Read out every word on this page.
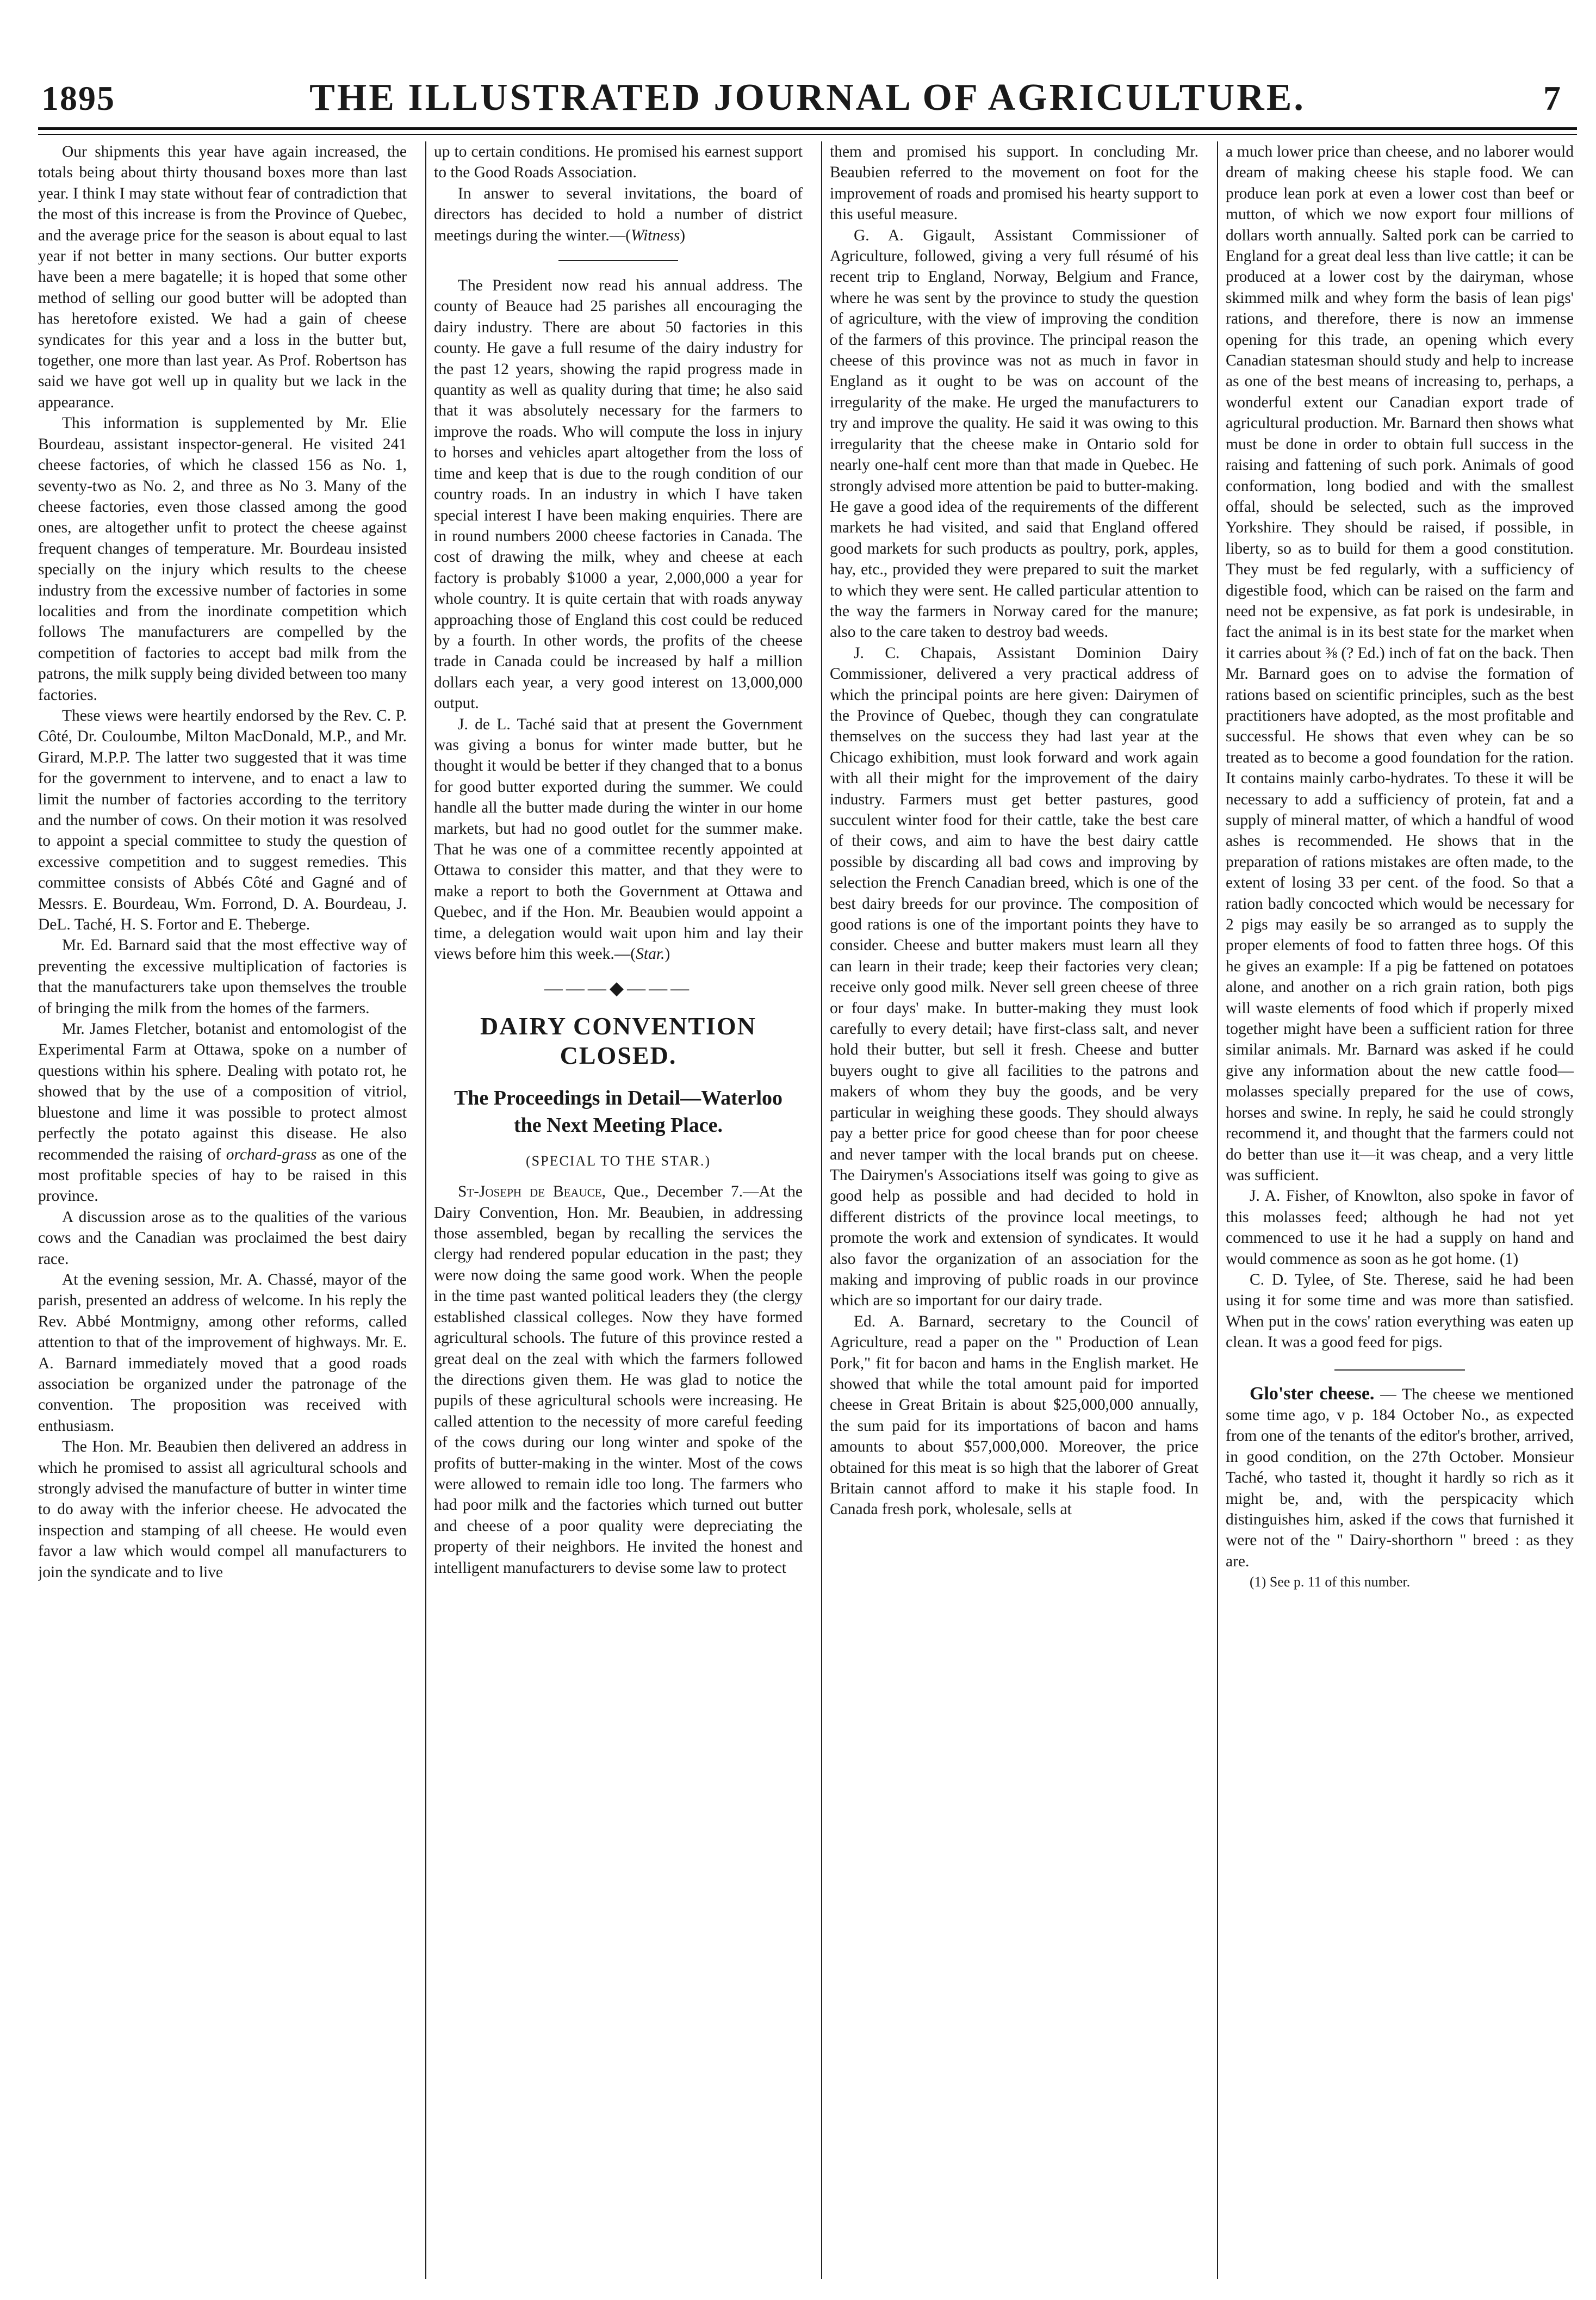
1895	THE ILLUSTRATED JOURNAL OF AGRICULTURE.	7

Our shipments this year have again increased, the totals being about thirty thousand boxes more than last year. I think I may state without fear of contradiction that the most of this increase is from the Province of Quebec, and the average price for the season is about equal to last year if not better in many sections. Our butter exports have been a mere bagatelle; it is hoped that some other method of selling our good butter will be adopted than has heretofore existed. We had a gain of cheese syndicates for this year and a loss in the butter but, together, one more than last year. As Prof. Robertson has said we have got well up in quality but we lack in the appearance.

This information is supplemented by Mr. Elie Bourdeau, assistant inspector-general. He visited 241 cheese factories, of which he classed 156 as No. 1, seventy-two as No. 2, and three as No 3. Many of the cheese factories, even those classed among the good ones, are altogether unfit to protect the cheese against frequent changes of temperature. Mr. Bourdeau insisted specially on the injury which results to the cheese industry from the excessive number of factories in some localities and from the inordinate competition which follows The manufacturers are compelled by the competition of factories to accept bad milk from the patrons, the milk supply being divided between too many factories.

These views were heartily endorsed by the Rev. C. P. Côté, Dr. Couloumbe, Milton MacDonald, M.P., and Mr. Girard, M.P.P. The latter two suggested that it was time for the government to intervene, and to enact a law to limit the number of factories according to the territory and the number of cows. On their motion it was resolved to appoint a special committee to study the question of excessive competition and to suggest remedies. This committee consists of Abbés Côté and Gagné and of Messrs. E. Bourdeau, Wm. Forrond, D. A. Bourdeau, J. DeL. Taché, H. S. Fortor and E. Theberge.

Mr. Ed. Barnard said that the most effective way of preventing the excessive multiplication of factories is that the manufacturers take upon themselves the trouble of bringing the milk from the homes of the farmers.

Mr. James Fletcher, botanist and entomologist of the Experimental Farm at Ottawa, spoke on a number of questions within his sphere. Dealing with potato rot, he showed that by the use of a composition of vitriol, bluestone and lime it was possible to protect almost perfectly the potato against this disease. He also recommended the raising of orchard-grass as one of the most profitable species of hay to be raised in this province.

A discussion arose as to the qualities of the various cows and the Canadian was proclaimed the best dairy race.

At the evening session, Mr. A. Chassé, mayor of the parish, presented an address of welcome. In his reply the Rev. Abbé Montmigny, among other reforms, called attention to that of the improvement of highways. Mr. E. A. Barnard immediately moved that a good roads association be organized under the patronage of the convention. The proposition was received with enthusiasm.

The Hon. Mr. Beaubien then delivered an address in which he promised to assist all agricultural schools and strongly advised the manufacture of butter in winter time to do away with the inferior cheese. He advocated the inspection and stamping of all cheese. He would even favor a law which would compel all manufacturers to join the syndicate and to live

up to certain conditions. He promised his earnest support to the Good Roads Association.

In answer to several invitations, the board of directors has decided to hold a number of district meetings during the winter.—(Witness)

The President now read his annual address. The county of Beauce had 25 parishes all encouraging the dairy industry. There are about 50 factories in this county. He gave a full resume of the dairy industry for the past 12 years, showing the rapid progress made in quantity as well as quality during that time; he also said that it was absolutely necessary for the farmers to improve the roads. Who will compute the loss in injury to horses and vehicles apart altogether from the loss of time and keep that is due to the rough condition of our country roads. In an industry in which I have taken special interest I have been making enquiries. There are in round numbers 2000 cheese factories in Canada. The cost of drawing the milk, whey and cheese at each factory is probably $1000 a year, 2,000,000 a year for whole country. It is quite certain that with roads anyway approaching those of England this cost could be reduced by a fourth. In other words, the profits of the cheese trade in Canada could be increased by half a million dollars each year, a very good interest on 13,000,000 output.

J. de L. Taché said that at present the Government was giving a bonus for winter made butter, but he thought it would be better if they changed that to a bonus for good butter exported during the summer. We could handle all the butter made during the winter in our home markets, but had no good outlet for the summer make. That he was one of a committee recently appointed at Ottawa to consider this matter, and that they were to make a report to both the Government at Ottawa and Quebec, and if the Hon. Mr. Beaubien would appoint a time, a delegation would wait upon him and lay their views before him this week.—(Star.)

———◆———
DAIRY CONVENTION CLOSED.
The Proceedings in Detail—Waterloo the Next Meeting Place.
(SPECIAL TO THE STAR.)

St-Joseph de Beauce, Que., December 7.—At the Dairy Convention, Hon. Mr. Beaubien, in addressing those assembled, began by recalling the services the clergy had rendered popular education in the past; they were now doing the same good work. When the people in the time past wanted political leaders they (the clergy established classical colleges. Now they have formed agricultural schools. The future of this province rested a great deal on the zeal with which the farmers followed the directions given them. He was glad to notice the pupils of these agricultural schools were increasing. He called attention to the necessity of more careful feeding of the cows during our long winter and spoke of the profits of butter-making in the winter. Most of the cows were allowed to remain idle too long. The farmers who had poor milk and the factories which turned out butter and cheese of a poor quality were depreciating the property of their neighbors. He invited the honest and intelligent manufacturers to devise some law to protect

them and promised his support. In concluding Mr. Beaubien referred to the movement on foot for the improvement of roads and promised his hearty support to this useful measure.

G. A. Gigault, Assistant Commissioner of Agriculture, followed, giving a very full résumé of his recent trip to England, Norway, Belgium and France, where he was sent by the province to study the question of agriculture, with the view of improving the condition of the farmers of this province. The principal reason the cheese of this province was not as much in favor in England as it ought to be was on account of the irregularity of the make. He urged the manufacturers to try and improve the quality. He said it was owing to this irregularity that the cheese make in Ontario sold for nearly one-half cent more than that made in Quebec. He strongly advised more attention be paid to butter-making. He gave a good idea of the requirements of the different markets he had visited, and said that England offered good markets for such products as poultry, pork, apples, hay, etc., provided they were prepared to suit the market to which they were sent. He called particular attention to the way the farmers in Norway cared for the manure; also to the care taken to destroy bad weeds.

J. C. Chapais, Assistant Dominion Dairy Commissioner, delivered a very practical address of which the principal points are here given: Dairymen of the Province of Quebec, though they can congratulate themselves on the success they had last year at the Chicago exhibition, must look forward and work again with all their might for the improvement of the dairy industry. Farmers must get better pastures, good succulent winter food for their cattle, take the best care of their cows, and aim to have the best dairy cattle possible by discarding all bad cows and improving by selection the French Canadian breed, which is one of the best dairy breeds for our province. The composition of good rations is one of the important points they have to consider. Cheese and butter makers must learn all they can learn in their trade; keep their factories very clean; receive only good milk. Never sell green cheese of three or four days' make. In butter-making they must look carefully to every detail; have first-class salt, and never hold their butter, but sell it fresh. Cheese and butter buyers ought to give all facilities to the patrons and makers of whom they buy the goods, and be very particular in weighing these goods. They should always pay a better price for good cheese than for poor cheese and never tamper with the local brands put on cheese. The Dairymen's Associations itself was going to give as good help as possible and had decided to hold in different districts of the province local meetings, to promote the work and extension of syndicates. It would also favor the organization of an association for the making and improving of public roads in our province which are so important for our dairy trade.

Ed. A. Barnard, secretary to the Council of Agriculture, read a paper on the " Production of Lean Pork," fit for bacon and hams in the English market. He showed that while the total amount paid for imported cheese in Great Britain is about $25,000,000 annually, the sum paid for its importations of bacon and hams amounts to about $57,000,000. Moreover, the price obtained for this meat is so high that the laborer of Great Britain cannot afford to make it his staple food. In Canada fresh pork, wholesale, sells at

a much lower price than cheese, and no laborer would dream of making cheese his staple food. We can produce lean pork at even a lower cost than beef or mutton, of which we now export four millions of dollars worth annually. Salted pork can be carried to England for a great deal less than live cattle; it can be produced at a lower cost by the dairyman, whose skimmed milk and whey form the basis of lean pigs' rations, and therefore, there is now an immense opening for this trade, an opening which every Canadian statesman should study and help to increase as one of the best means of increasing to, perhaps, a wonderful extent our Canadian export trade of agricultural production. Mr. Barnard then shows what must be done in order to obtain full success in the raising and fattening of such pork. Animals of good conformation, long bodied and with the smallest offal, should be selected, such as the improved Yorkshire. They should be raised, if possible, in liberty, so as to build for them a good constitution. They must be fed regularly, with a sufficiency of digestible food, which can be raised on the farm and need not be expensive, as fat pork is undesirable, in fact the animal is in its best state for the market when it carries about ⅜ (? Ed.) inch of fat on the back. Then Mr. Barnard goes on to advise the formation of rations based on scientific principles, such as the best practitioners have adopted, as the most profitable and successful. He shows that even whey can be so treated as to become a good foundation for the ration. It contains mainly carbo-hydrates. To these it will be necessary to add a sufficiency of protein, fat and a supply of mineral matter, of which a handful of wood ashes is recommended. He shows that in the preparation of rations mistakes are often made, to the extent of losing 33 per cent. of the food. So that a ration badly concocted which would be necessary for 2 pigs may easily be so arranged as to supply the proper elements of food to fatten three hogs. Of this he gives an example: If a pig be fattened on potatoes alone, and another on a rich grain ration, both pigs will waste elements of food which if properly mixed together might have been a sufficient ration for three similar animals. Mr. Barnard was asked if he could give any information about the new cattle food—molasses specially prepared for the use of cows, horses and swine. In reply, he said he could strongly recommend it, and thought that the farmers could not do better than use it—it was cheap, and a very little was sufficient.

J. A. Fisher, of Knowlton, also spoke in favor of this molasses feed; although he had not yet commenced to use it he had a supply on hand and would commence as soon as he got home. (1)

C. D. Tylee, of Ste. Therese, said he had been using it for some time and was more than satisfied. When put in the cows' ration everything was eaten up clean. It was a good feed for pigs.

Glo'ster cheese. — The cheese we mentioned some time ago, v p. 184 October No., as expected from one of the tenants of the editor's brother, arrived, in good condition, on the 27th October. Monsieur Taché, who tasted it, thought it hardly so rich as it might be, and, with the perspicacity which distinguishes him, asked if the cows that furnished it were not of the " Dairy-shorthorn " breed : as they are.

(1) See p. 11 of this number.
